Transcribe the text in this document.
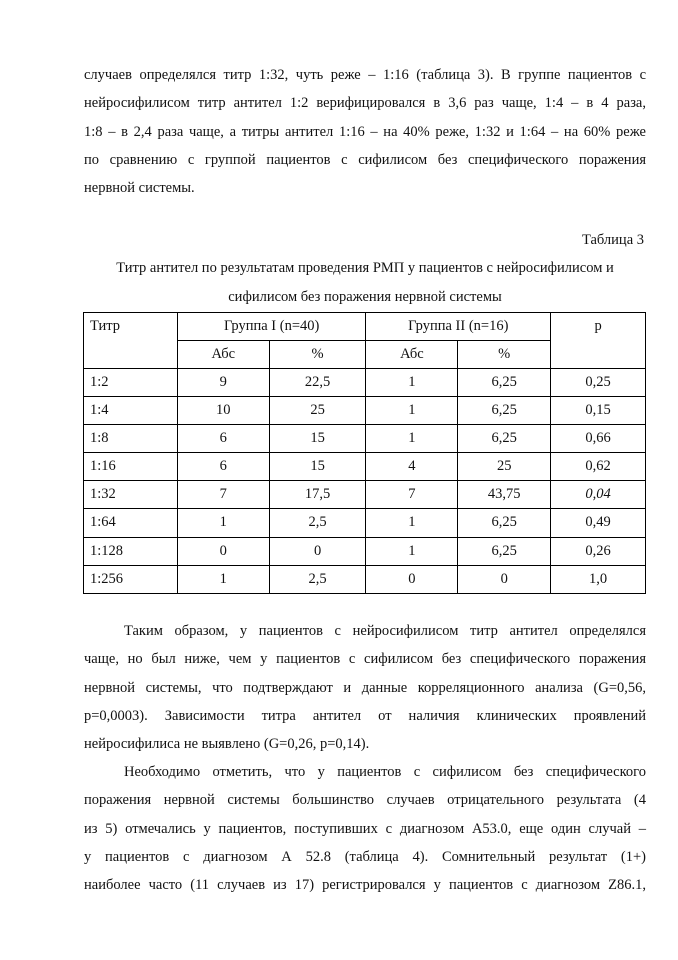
случаев определялся титр 1:32, чуть реже – 1:16 (таблица 3). В группе пациентов с
нейросифилисом титр антител 1:2 верифицировался в 3,6 раз чаще, 1:4 – в 4 раза,
1:8 – в 2,4 раза чаще, а титры антител 1:16 – на 40% реже, 1:32 и 1:64 – на 60% реже
по сравнению с группой пациентов с сифилисом без специфического поражения
нервной системы.

Таблица 3

Титр антител по результатам проведения РМП у пациентов с нейросифилисом и
сифилисом без поражения нервной системы

Титр	Группа I (n=40)		Группа II (n=16)		р
	Абс	%	Абс	%	
1:2	9	22,5	1	6,25	0,25
1:4	10	25	1	6,25	0,15
1:8	6	15	1	6,25	0,66
1:16	6	15	4	25	0,62
1:32	7	17,5	7	43,75	0,04
1:64	1	2,5	1	6,25	0,49
1:128	0	0	1	6,25	0,26
1:256	1	2,5	0	0	1,0

Таким образом, у пациентов с нейросифилисом титр антител определялся
чаще, но был ниже, чем у пациентов с сифилисом без специфического поражения
нервной системы, что подтверждают и данные корреляционного анализа (G=0,56,
p=0,0003). Зависимости титра антител от наличия клинических проявлений
нейросифилиса не выявлено (G=0,26, p=0,14).

Необходимо отметить, что у пациентов с сифилисом без специфического
поражения нервной системы большинство случаев отрицательного результата (4
из 5) отмечались у пациентов, поступивших с диагнозом А53.0, еще один случай –
у пациентов с диагнозом А 52.8 (таблица 4). Сомнительный результат (1+)
наиболее часто (11 случаев из 17) регистрировался у пациентов с диагнозом Z86.1,
